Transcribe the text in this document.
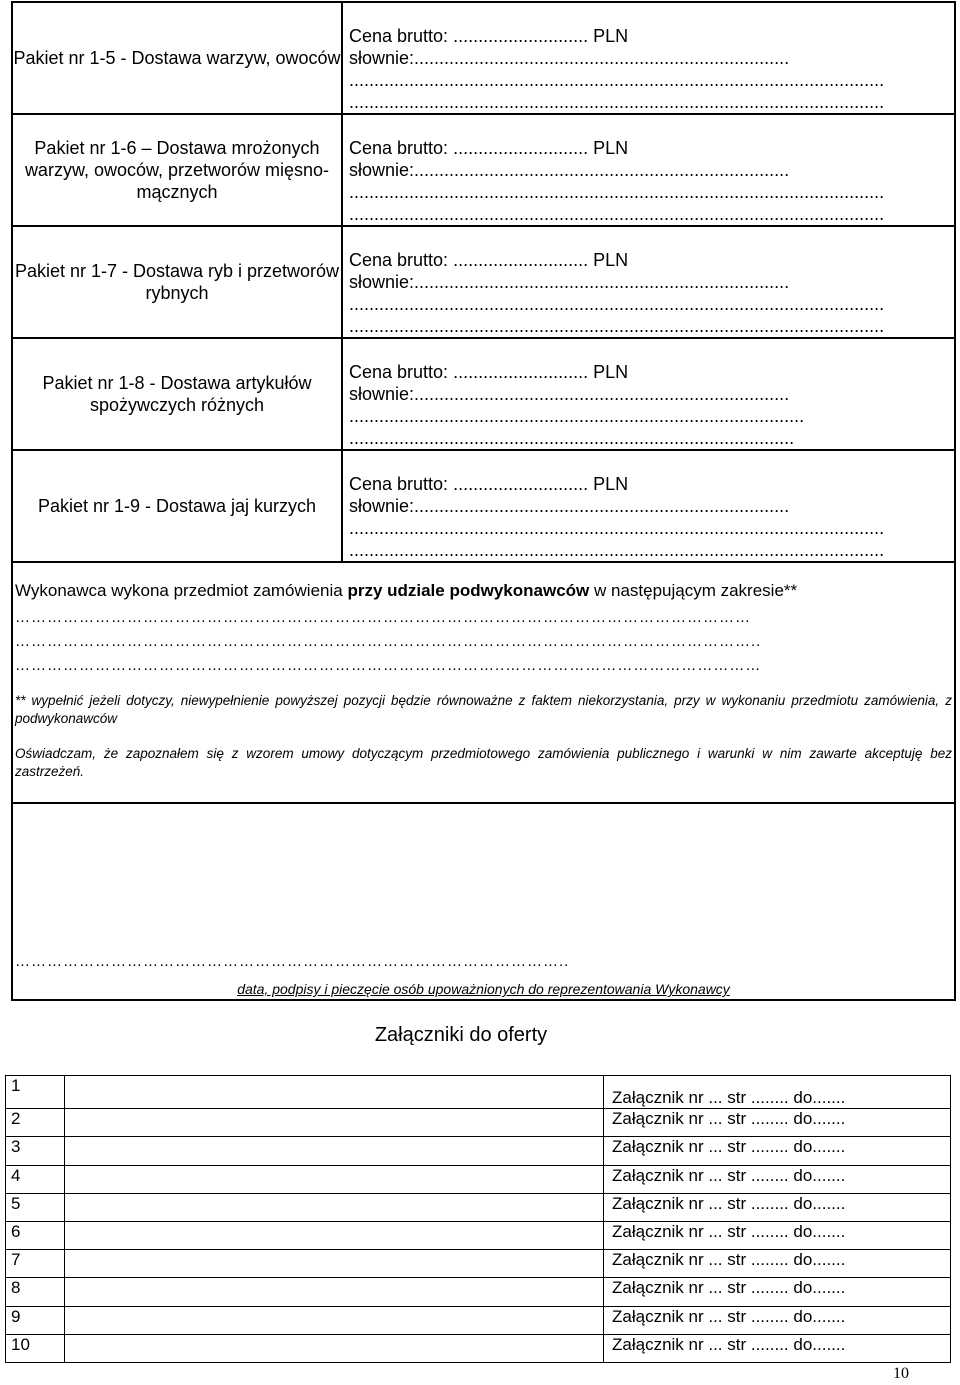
Pakiet nr 1-5 - Dostawa warzyw, owoców	Cena brutto: ........................... PLN
słownie:...........................................................................
...........................................................................................................
...........................................................................................................

Pakiet nr 1-6 – Dostawa mrożonych warzyw, owoców, przetworów mięsno-mącznych	Cena brutto: ........................... PLN
słownie:...........................................................................
...........................................................................................................
...........................................................................................................

Pakiet nr 1-7 - Dostawa ryb i przetworów rybnych	Cena brutto: ........................... PLN
słownie:...........................................................................
...........................................................................................................
...........................................................................................................

Pakiet nr 1-8 - Dostawa artykułów spożywczych różnych	Cena brutto: ........................... PLN
słownie:...........................................................................
...........................................................................................
.........................................................................................

Pakiet nr 1-9 - Dostawa jaj kurzych	Cena brutto: ........................... PLN
słownie:...........................................................................
...........................................................................................................
...........................................................................................................
Wykonawca wykona przedmiot zamówienia przy udziale podwykonawców w następującym zakresie**
…………………………………………………………………………………………………………………………
…………………………………………………………………………………………………………………………..
………………………………………………………………………………..…………………………………………
** wypełnić jeżeli dotyczy, niewypełnienie powyższej pozycji będzie równoważne z faktem niekorzystania, przy w wykonaniu przedmiotu zamówienia, z podwykonawców
Oświadczam, że zapoznałem się z wzorem umowy dotyczącym przedmiotowego zamówienia publicznego i warunki w nim zawarte akceptuję bez zastrzeżeń.
…………………………………………………………………………………………..
data, podpisy i pieczęcie osób upoważnionych do reprezentowania Wykonawcy
Załączniki do oferty
1		Załącznik nr ... str ........ do.......
2		Załącznik nr ... str ........ do.......
3		Załącznik nr ... str ........ do.......
4		Załącznik nr ... str ........ do.......
5		Załącznik nr ... str ........ do.......
6		Załącznik nr ... str ........ do.......
7		Załącznik nr ... str ........ do.......
8		Załącznik nr ... str ........ do.......
9		Załącznik nr ... str ........ do.......
10		Załącznik nr ... str ........ do.......
10
